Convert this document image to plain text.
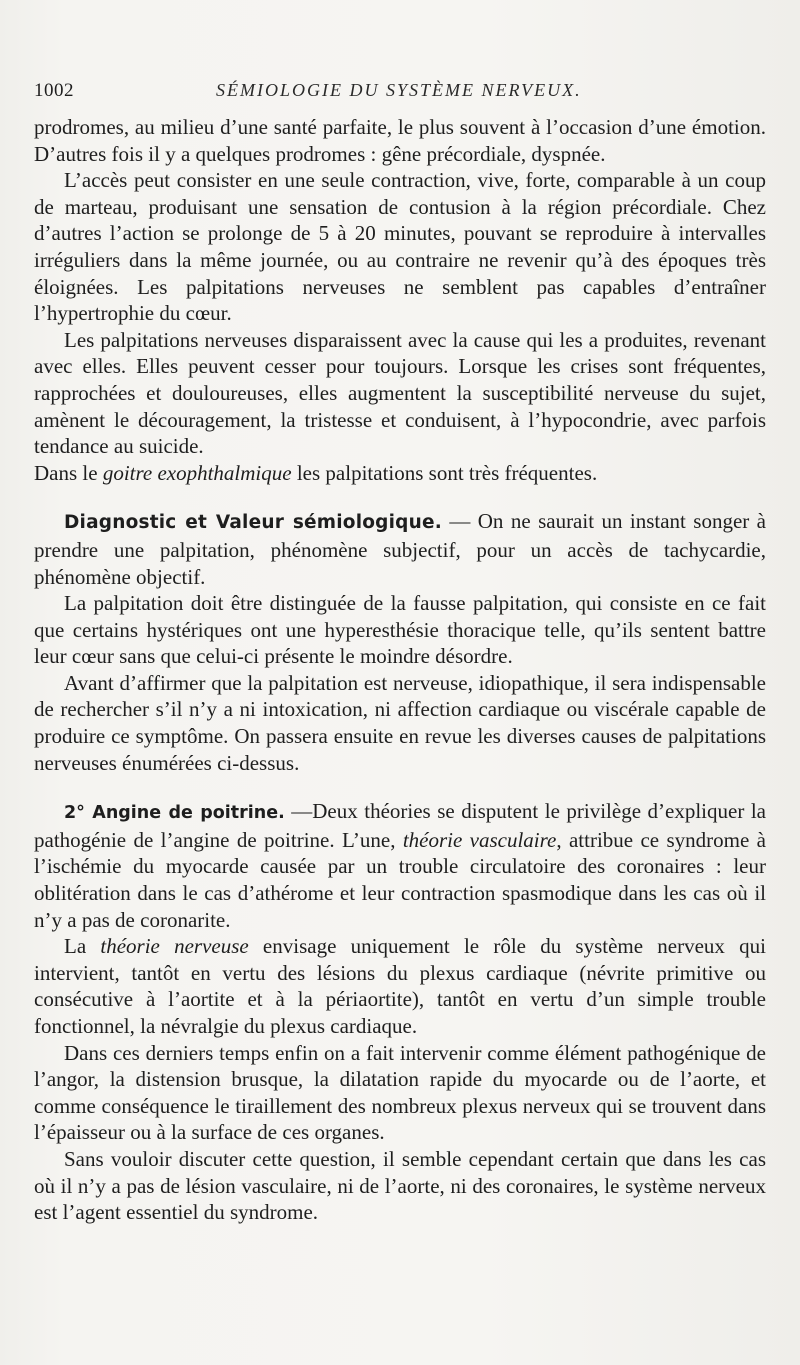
1002	SÉMIOLOGIE DU SYSTÈME NERVEUX.

prodromes, au milieu d’une santé parfaite, le plus souvent à l’occasion d’une émotion. D’autres fois il y a quelques prodromes : gêne précordiale, dyspnée.

L’accès peut consister en une seule contraction, vive, forte, comparable à un coup de marteau, produisant une sensation de contusion à la région précordiale. Chez d’autres l’action se prolonge de 5 à 20 minutes, pouvant se reproduire à intervalles irréguliers dans la même journée, ou au contraire ne revenir qu’à des époques très éloignées. Les palpitations nerveuses ne semblent pas capables d’entraîner l’hypertrophie du cœur.

Les palpitations nerveuses disparaissent avec la cause qui les a produites, revenant avec elles. Elles peuvent cesser pour toujours. Lorsque les crises sont fréquentes, rapprochées et douloureuses, elles augmentent la susceptibilité nerveuse du sujet, amènent le découragement, la tristesse et conduisent, à l’hypocondrie, avec parfois tendance au suicide.

Dans le goitre exophthalmique les palpitations sont très fréquentes.

Diagnostic et Valeur sémiologique. — On ne saurait un instant songer à prendre une palpitation, phénomène subjectif, pour un accès de tachycardie, phénomène objectif.

La palpitation doit être distinguée de la fausse palpitation, qui consiste en ce fait que certains hystériques ont une hyperesthésie thoracique telle, qu’ils sentent battre leur cœur sans que celui-ci présente le moindre désordre.

Avant d’affirmer que la palpitation est nerveuse, idiopathique, il sera indispensable de rechercher s’il n’y a ni intoxication, ni affection cardiaque ou viscérale capable de produire ce symptôme. On passera ensuite en revue les diverses causes de palpitations nerveuses énumérées ci-dessus.

2° Angine de poitrine. —Deux théories se disputent le privilège d’expliquer la pathogénie de l’angine de poitrine. L’une, théorie vasculaire, attribue ce syndrome à l’ischémie du myocarde causée par un trouble circulatoire des coronaires : leur oblitération dans le cas d’athérome et leur contraction spasmodique dans les cas où il n’y a pas de coronarite.

La théorie nerveuse envisage uniquement le rôle du système nerveux qui intervient, tantôt en vertu des lésions du plexus cardiaque (névrite primitive ou consécutive à l’aortite et à la périaortite), tantôt en vertu d’un simple trouble fonctionnel, la névralgie du plexus cardiaque.

Dans ces derniers temps enfin on a fait intervenir comme élément pathogénique de l’angor, la distension brusque, la dilatation rapide du myocarde ou de l’aorte, et comme conséquence le tiraillement des nombreux plexus nerveux qui se trouvent dans l’épaisseur ou à la surface de ces organes.

Sans vouloir discuter cette question, il semble cependant certain que dans les cas où il n’y a pas de lésion vasculaire, ni de l’aorte, ni des coronaires, le système nerveux est l’agent essentiel du syndrome.
